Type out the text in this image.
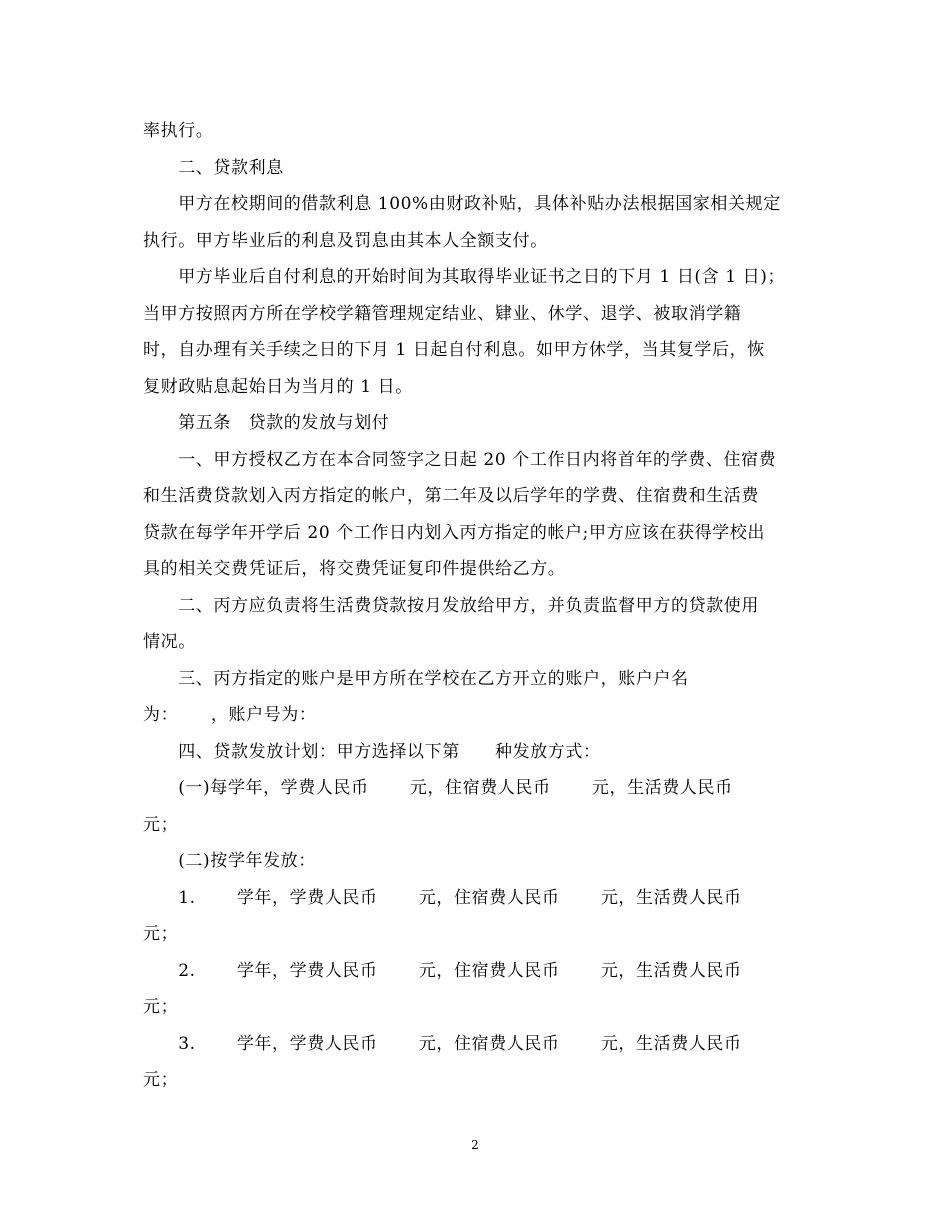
率执行。
　　二、贷款利息
　　甲方在校期间的借款利息 100%由财政补贴，具体补贴办法根据国家相关规定
执行。甲方毕业后的利息及罚息由其本人全额支付。
　　甲方毕业后自付利息的开始时间为其取得毕业证书之日的下月 1 日(含 1 日)；
当甲方按照丙方所在学校学籍管理规定结业、肄业、休学、退学、被取消学籍
时，自办理有关手续之日的下月 1 日起自付利息。如甲方休学，当其复学后，恢
复财政贴息起始日为当月的 1 日。
　　第五条　贷款的发放与划付
　　一、甲方授权乙方在本合同签字之日起 20 个工作日内将首年的学费、住宿费
和生活费贷款划入丙方指定的帐户，第二年及以后学年的学费、住宿费和生活费
贷款在每学年开学后 20 个工作日内划入丙方指定的帐户;甲方应该在获得学校出
具的相关交费凭证后，将交费凭证复印件提供给乙方。
　　二、丙方应负责将生活费贷款按月发放给甲方，并负责监督甲方的贷款使用
情况。
　　三、丙方指定的账户是甲方所在学校在乙方开立的账户，账户户名
为：　　 ，账户号为：
　　四、贷款发放计划：甲方选择以下第　　种发放方式：
　　(一)每学年，学费人民币　　 元，住宿费人民币　　 元，生活费人民币
元；
　　(二)按学年发放：
　　1.　　 学年，学费人民币　　 元，住宿费人民币　　 元，生活费人民币
元；
　　2.　　 学年，学费人民币　　 元，住宿费人民币　　 元，生活费人民币
元；
　　3.　　 学年，学费人民币　　 元，住宿费人民币　　 元，生活费人民币
元；
2
